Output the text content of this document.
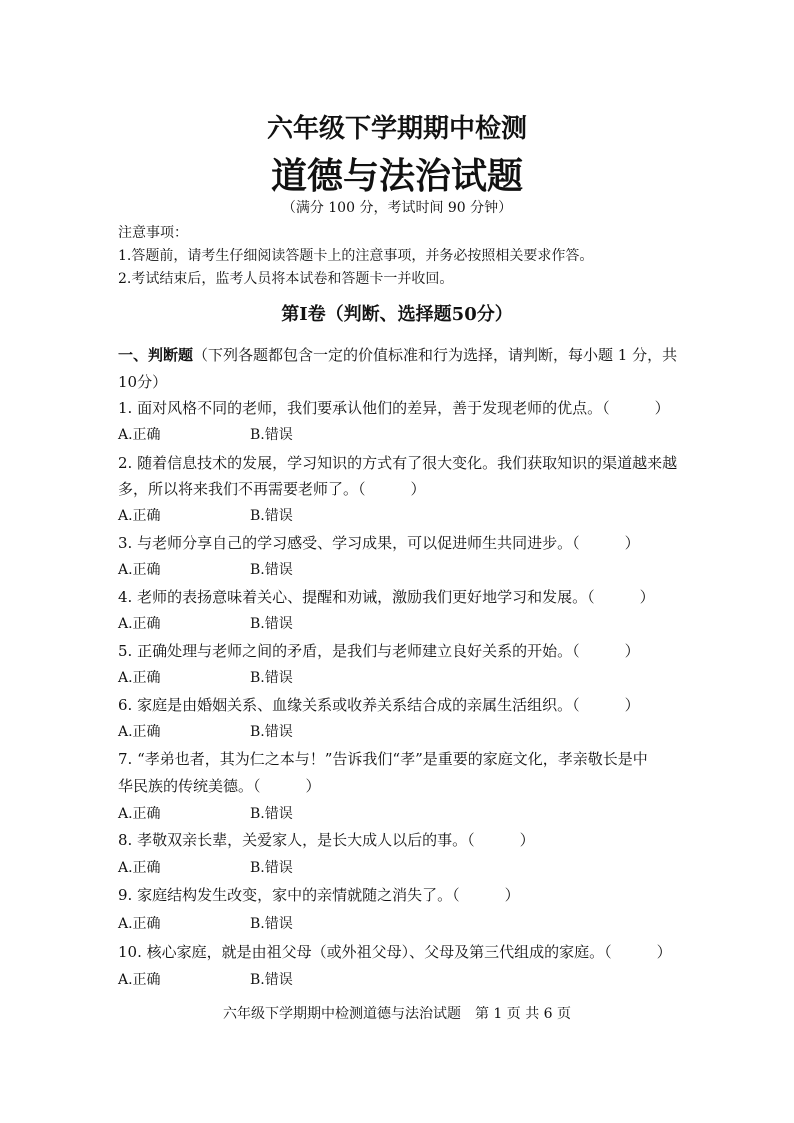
六年级下学期期中检测
道德与法治试题
（满分 100 分，考试时间 90 分钟）
注意事项：
1.答题前，请考生仔细阅读答题卡上的注意事项，并务必按照相关要求作答。
2.考试结束后，监考人员将本试卷和答题卡一并收回。
第Ⅰ卷（判断、选择题50分）
一、判断题（下列各题都包含一定的价值标准和行为选择，请判断，每小题 1 分，共
10分）
1. 面对风格不同的老师，我们要承认他们的差异，善于发现老师的优点。（　　　）
A.正确	B.错误
2. 随着信息技术的发展，学习知识的方式有了很大变化。我们获取知识的渠道越来越
多，所以将来我们不再需要老师了。（　　　）
A.正确	B.错误
3. 与老师分享自己的学习感受、学习成果，可以促进师生共同进步。（　　　）
A.正确	B.错误
4. 老师的表扬意味着关心、提醒和劝诫，激励我们更好地学习和发展。（　　　）
A.正确	B.错误
5. 正确处理与老师之间的矛盾，是我们与老师建立良好关系的开始。（　　　）
A.正确	B.错误
6. 家庭是由婚姻关系、血缘关系或收养关系结合成的亲属生活组织。（　　　）
A.正确	B.错误
7. “孝弟也者，其为仁之本与！”告诉我们“孝”是重要的家庭文化，孝亲敬长是中
华民族的传统美德。（　　　）
A.正确	B.错误
8. 孝敬双亲长辈，关爱家人，是长大成人以后的事。（　　　）
A.正确	B.错误
9. 家庭结构发生改变，家中的亲情就随之消失了。（　　　）
A.正确	B.错误
10. 核心家庭，就是由祖父母（或外祖父母）、父母及第三代组成的家庭。（　　　）
A.正确	B.错误
六年级下学期期中检测道德与法治试题　第 1 页 共 6 页
